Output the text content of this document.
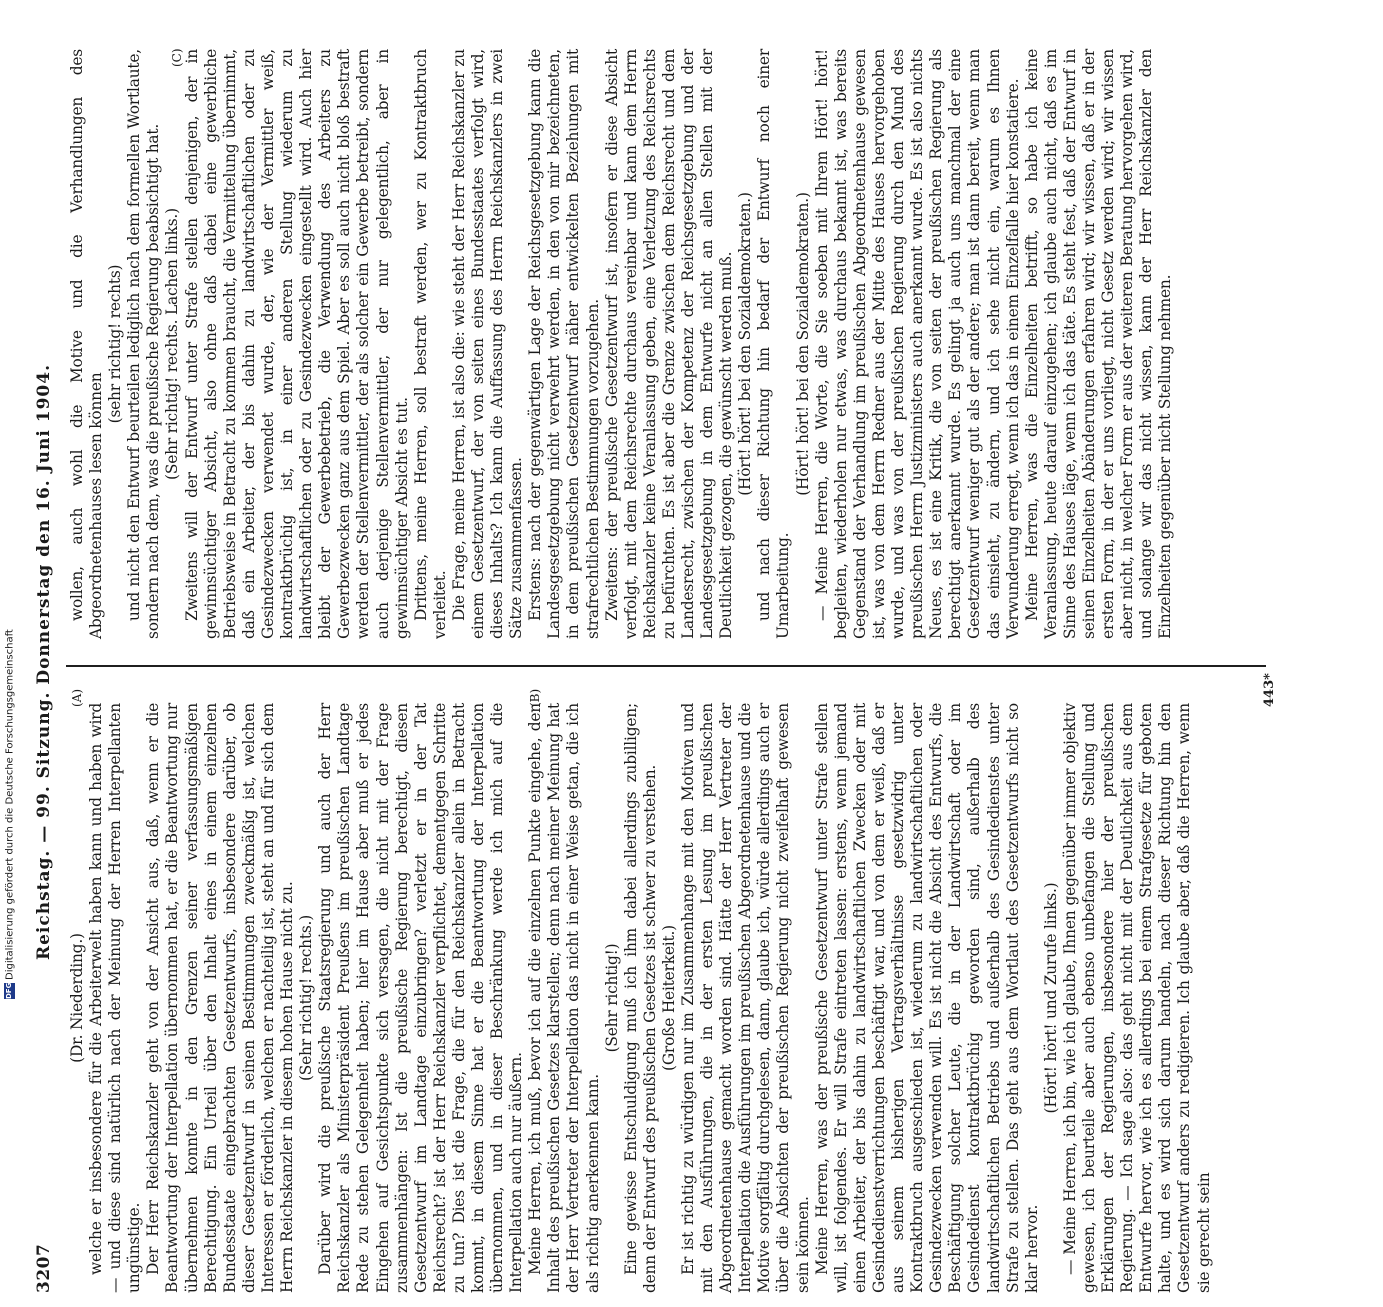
3207
Reichstag. — 99. Sitzung. Donnerstag den 16. Juni 1904.

(Dr. Niederding.) welche er insbesondere für die Arbeiterwelt haben kann und haben wird — und diese sind natürlich nach der Meinung der Herren Interpellanten ungünstige. Der Herr Reichskanzler geht von der Ansicht aus, daß, wenn er die Beantwortung der Interpellation übernommen hat, er die Beantwortung nur übernehmen konnte in den Grenzen seiner verfassungsmäßigen Berechtigung. Ein Urteil über den Inhalt eines in einem einzelnen Bundesstaate eingebrachten Gesetzentwurfs, insbesondere darüber, ob dieser Gesetzentwurf in seinen Bestimmungen zweckmäßig ist, welchen Interessen er förderlich, welchen er nachteilig ist, steht an und für sich dem Herrn Reichskanzler in diesem hohen Hause nicht zu. (Sehr richtig! rechts.) Darüber wird die preußische Staatsregierung und auch der Herr Reichskanzler als Ministerpräsident Preußens im preußischen Landtage Rede zu stehen Gelegenheit haben; hier im Hause aber muß er jedes Eingehen auf Gesichtspunkte sich versagen, die nicht mit der Frage zusammenhängen: Ist die preußische Regierung berechtigt, diesen Gesetzentwurf im Landtage einzubringen? verletzt er in der Tat Reichsrecht? ist der Herr Reichskanzler verpflichtet, dementgegen Schritte zu tun? Dies ist die Frage, die für den Reichskanzler allein in Betracht kommt, in diesem Sinne hat er die Beantwortung der Interpellation übernommen, und in dieser Beschränkung werde ich mich auf die Interpellation auch nur äußern. Meine Herren, ich muß, bevor ich auf die einzelnen Punkte eingehe, den Inhalt des preußischen Gesetzes klarstellen; denn nach meiner Meinung hat der Herr Vertreter der Interpellation das nicht in einer Weise getan, die ich als richtig anerkennen kann.

(Sehr richtig!) Eine gewisse Entschuldigung muß ich ihm dabei allerdings zubilligen; denn der Entwurf des preußischen Gesetzes ist schwer zu verstehen. (Große Heiterkeit.) Er ist richtig zu würdigen nur im Zusammenhange mit den Motiven und mit den Ausführungen, die in der ersten Lesung im preußischen Abgeordnetenhause gemacht worden sind. Hätte der Herr Vertreter der Interpellation die Ausführungen im preußischen Abgeordnetenhause und die Motive sorgfältig durchgelesen, dann, glaube ich, würde allerdings auch er über die Absichten der preußischen Regierung nicht zweifelhaft gewesen sein können. Meine Herren, was der preußische Gesetzentwurf unter Strafe stellen will, ist folgendes. Er will Strafe eintreten lassen: erstens, wenn jemand einen Arbeiter, der bis dahin zu landwirtschaftlichen Zwecken oder mit Gesindedienstverrichtungen beschäftigt war, und von dem er weiß, daß er aus seinem bisherigen Vertragsverhältnisse gesetzwidrig unter Kontraktbruch ausgeschieden ist, wiederum zu landwirtschaftlichen oder Gesindezwecken verwenden will. Es ist nicht die Absicht des Entwurfs, die Beschäftigung solcher Leute, die in der Landwirtschaft oder im Gesindedienst kontraktbrüchig geworden sind, außerhalb des landwirtschaftlichen Betriebs und außerhalb des Gesindedienstes unter Strafe zu stellen. Das geht aus dem Wortlaut des Gesetzentwurfs nicht so klar hervor.

(Hört! hört! und Zurufe links.) — Meine Herren, ich bin, wie ich glaube, Ihnen gegenüber immer objektiv gewesen, ich beurteile aber auch ebenso unbefangen die Stellung und Erklärungen der Regierungen, insbesondere hier der preußischen Regierung. — Ich sage also: das geht nicht mit der Deutlichkeit aus dem Entwurfe hervor, wie ich es allerdings bei einem Strafgesetze für geboten halte, und es wird sich darum handeln, nach dieser Richtung hin den Gesetzentwurf anders zu redigieren. Ich glaube aber, daß die Herren, wenn sie gerecht sein

wollen, auch wohl die Motive und die Verhandlungen des Abgeordnetenhauses lesen können

(sehr richtig! rechts) und nicht den Entwurf beurteilen lediglich nach dem formellen Wortlaute, sondern nach dem, was die preußische Regierung beabsichtigt hat. (Sehr richtig! rechts. Lachen links.) Zweitens will der Entwurf unter Strafe stellen denjenigen, der in gewinnsüchtiger Absicht, also ohne daß dabei eine gewerbliche Betriebsweise in Betracht zu kommen braucht, die Vermittelung übernimmt, daß ein Arbeiter, der bis dahin zu landwirtschaftlichen oder zu Gesindezwecken verwendet wurde, der, wie der Vermittler weiß, kontraktbrüchig ist, in einer anderen Stellung wiederum zu landwirtschaftlichen oder zu Gesindezwecken eingestellt wird. Auch hier bleibt der Gewerbebetrieb, die Verwendung des Arbeiters zu Gewerbezwecken ganz aus dem Spiel. Aber es soll auch nicht bloß bestraft werden der Stellenvermittler, der als solcher ein Gewerbe betreibt, sondern auch derjenige Stellenvermittler, der nur gelegentlich, aber in gewinnsüchtiger Absicht es tut. Drittens, meine Herren, soll bestraft werden, wer zu Kontraktbruch verleitet. Die Frage, meine Herren, ist also die: wie steht der Herr Reichskanzler zu einem Gesetzentwurf, der von seiten eines Bundesstaates verfolgt wird, dieses Inhalts? Ich kann die Auffassung des Herrn Reichskanzlers in zwei Sätze zusammenfassen. Erstens: nach der gegenwärtigen Lage der Reichsgesetzgebung kann die Landesgesetzgebung nicht verwehrt werden, in den von mir bezeichneten, in dem preußischen Gesetzentwurf näher entwickelten Beziehungen mit strafrechtlichen Bestimmungen vorzugehen. Zweitens: der preußische Gesetzentwurf ist, insofern er diese Absicht verfolgt, mit dem Reichsrechte durchaus vereinbar und kann dem Herrn Reichskanzler keine Veranlassung geben, eine Verletzung des Reichsrechts zu befürchten. Es ist aber die Grenze zwischen dem Reichsrecht und dem Landesrecht, zwischen der Kompetenz der Reichsgesetzgebung und der Landesgesetzgebung in dem Entwurfe nicht an allen Stellen mit der Deutlichkeit gezogen, die gewünscht werden muß. (Hört! hört! bei den Sozialdemokraten.) und nach dieser Richtung hin bedarf der Entwurf noch einer Umarbeitung.

(Hört! hört! bei den Sozialdemokraten.) — Meine Herren, die Worte, die Sie soeben mit Ihrem Hört! hört! begleiten, wiederholen nur etwas, was durchaus bekannt ist, was bereits Gegenstand der Verhandlung im preußischen Abgeordnetenhause gewesen ist, was von dem Herrn Redner aus der Mitte des Hauses hervorgehoben wurde, und was von der preußischen Regierung durch den Mund des preußischen Herrn Justizministers auch anerkannt wurde. Es ist also nichts Neues, es ist eine Kritik, die von seiten der preußischen Regierung als berechtigt anerkannt wurde. Es gelingt ja auch uns manchmal der eine Gesetzentwurf weniger gut als der andere; man ist dann bereit, wenn man das einsieht, zu ändern, und ich sehe nicht ein, warum es Ihnen Verwunderung erregt, wenn ich das in einem Einzelfalle hier konstatiere. Meine Herren, was die Einzelheiten betrifft, so habe ich keine Veranlassung, heute darauf einzugehen; ich glaube auch nicht, daß es im Sinne des Hauses läge, wenn ich das täte. Es steht fest, daß der Entwurf in seinen Einzelheiten Abänderungen erfahren wird; wir wissen, daß er in der ersten Form, in der er uns vorliegt, nicht Gesetz werden wird; wir wissen aber nicht, in welcher Form er aus der weiteren Beratung hervorgehen wird, und solange wir das nicht wissen, kann der Herr Reichskanzler den Einzelheiten gegenüber nicht Stellung nehmen.

(A)	(B)
(C)
443*
DFGDigitalisierung gefördert durch die Deutsche Forschungsgemeinschaft
